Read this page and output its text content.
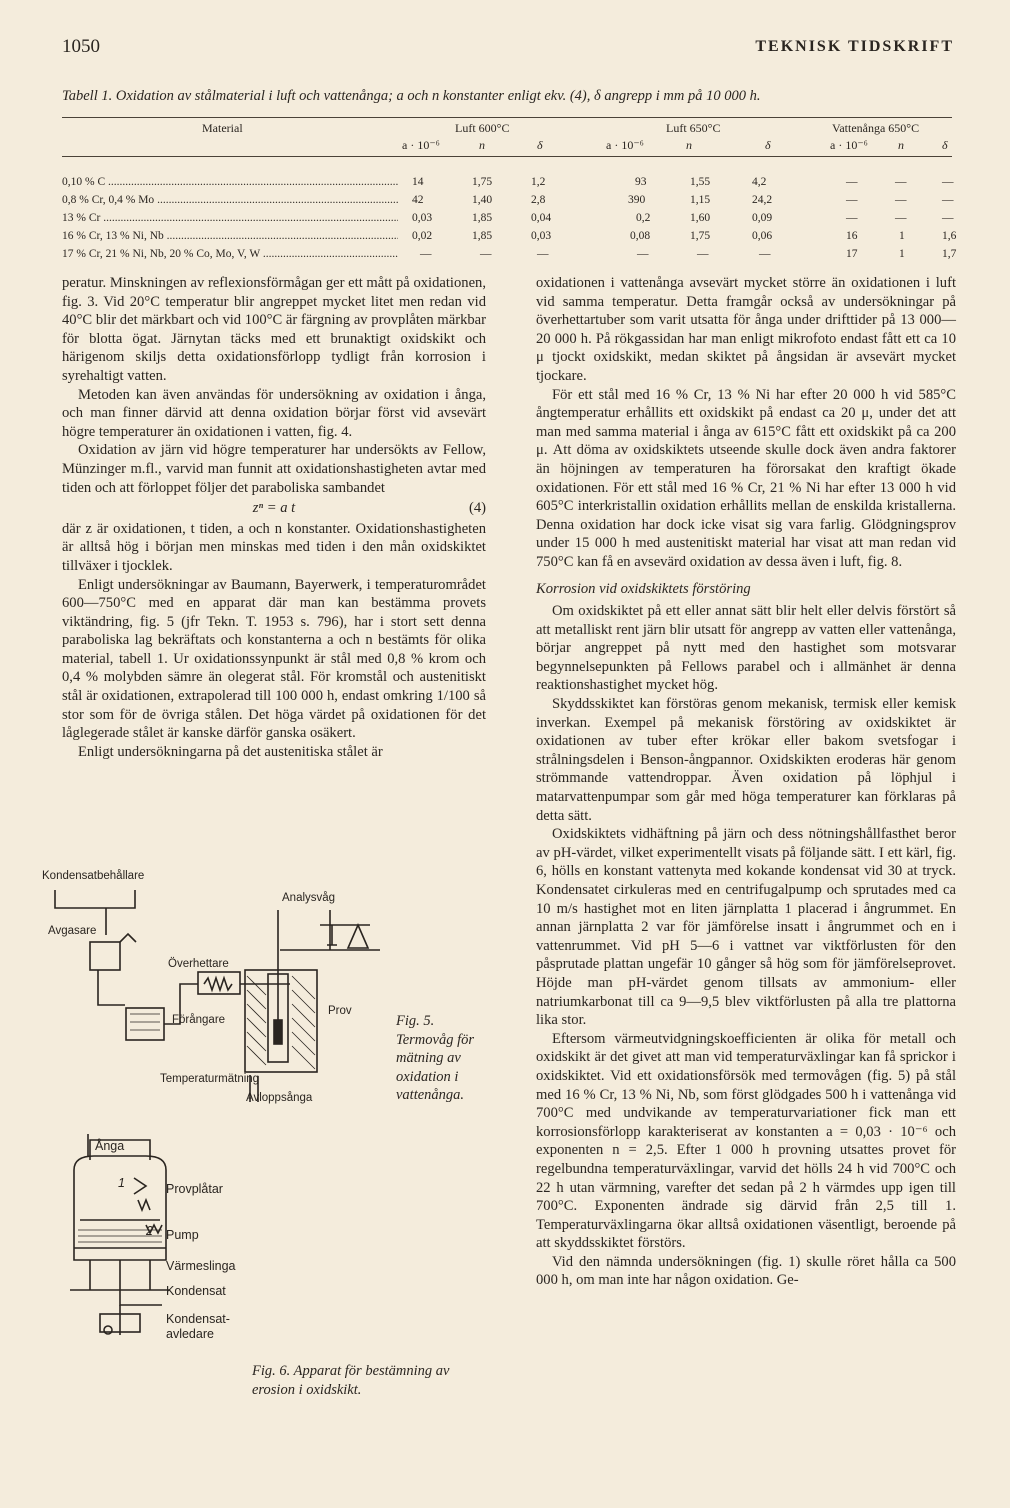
1050	TEKNISK TIDSKRIFT
Tabell 1. Oxidation av stålmaterial i luft och vattenånga; a och n konstanter enligt ekv. (4), δ angrepp i mm på 10 000 h.
Material	Luft 600°C	Luft 650°C	Vattenånga 650°C
a · 10⁻⁶	n	δ	a · 10⁻⁶	n	δ	a · 10⁻⁶	n	δ
0,10 % C .....	14	1,75	1,2	93	1,55	4,2	—	—	—
0,8 % Cr, 0,4 % Mo .....	42	1,40	2,8	390	1,15	24,2	—	—	—
13 % Cr .....	0,03	1,85	0,04	0,2	1,60	0,09	—	—	—
16 % Cr, 13 % Ni, Nb .....	0,02	1,85	0,03	0,08	1,75	0,06	16	1	1,6
17 % Cr, 21 % Ni, Nb, 20 % Co, Mo, V, W .....	—	—	—	—	—	—	17	1	1,7

peratur. Minskningen av reflexionsförmågan ger ett mått på oxidationen, fig. 3. Vid 20°C temperatur blir angreppet mycket litet men redan vid 40°C blir det märkbart och vid 100°C är färgning av provplåten märkbar för blotta ögat. Järnytan täcks med ett brunaktigt oxidskikt och härigenom skiljs detta oxidationsförlopp tydligt från korrosion i syrehaltigt vatten.

Metoden kan även användas för undersökning av oxidation i ånga, och man finner därvid att denna oxidation börjar först vid avsevärt högre temperaturer än oxidationen i vatten, fig. 4.

Oxidation av järn vid högre temperaturer har undersökts av Fellow, Münzinger m.fl., varvid man funnit att oxidationshastigheten avtar med tiden och att förloppet följer det paraboliska sambandet

zⁿ = a t	(4)

där z är oxidationen, t tiden, a och n konstanter. Oxidationshastigheten är alltså hög i början men minskas med tiden i den mån oxidskiktet tillväxer i tjocklek.

Enligt undersökningar av Baumann, Bayerwerk, i temperaturområdet 600—750°C med en apparat där man kan bestämma provets viktändring, fig. 5 (jfr Tekn. T. 1953 s. 796), har i stort sett denna paraboliska lag bekräftats och konstanterna a och n bestämts för olika material, tabell 1. Ur oxidationssynpunkt är stål med 0,8 % krom och 0,4 % molybden sämre än olegerat stål. För kromstål och austenitiskt stål är oxidationen, extrapolerad till 100 000 h, endast omkring 1/100 så stor som för de övriga stålen. Det höga värdet på oxidationen för det låglegerade stålet är kanske därför ganska osäkert.

Enligt undersökningarna på det austenitiska stålet är

oxidationen i vattenånga avsevärt mycket större än oxidationen i luft vid samma temperatur. Detta framgår också av undersökningar på överhettartuber som varit utsatta för ånga under drifttider på 13 000—20 000 h. På rökgassidan har man enligt mikrofoto endast fått ett ca 10 μ tjockt oxidskikt, medan skiktet på ångsidan är avsevärt mycket tjockare.

För ett stål med 16 % Cr, 13 % Ni har efter 20 000 h vid 585°C ångtemperatur erhållits ett oxidskikt på endast ca 20 μ, under det att man med samma material i ånga av 615°C fått ett oxidskikt på ca 200 μ. Att döma av oxidskiktets utseende skulle dock även andra faktorer än höjningen av temperaturen ha förorsakat den kraftigt ökade oxidationen. För ett stål med 16 % Cr, 21 % Ni har efter 13 000 h vid 605°C interkristallin oxidation erhållits mellan de enskilda kristallerna. Denna oxidation har dock icke visat sig vara farlig. Glödgningsprov under 15 000 h med austenitiskt material har visat att man redan vid 750°C kan få en avsevärd oxidation av dessa även i luft, fig. 8.

Korrosion vid oxidskiktets förstöring

Om oxidskiktet på ett eller annat sätt blir helt eller delvis förstört så att metalliskt rent järn blir utsatt för angrepp av vatten eller vattenånga, börjar angreppet på nytt med den hastighet som motsvarar begynnelsepunkten på Fellows parabel och i allmänhet är denna reaktionshastighet mycket hög.

Skyddsskiktet kan förstöras genom mekanisk, termisk eller kemisk inverkan. Exempel på mekanisk förstöring av oxidskiktet är oxidationen av tuber efter krökar eller bakom svetsfogar i strålningsdelen i Benson-ångpannor. Oxidskikten eroderas här genom strömmande vattendroppar. Även oxidation på löphjul i matarvattenpumpar som går med höga temperaturer kan förklaras på detta sätt.

Oxidskiktets vidhäftning på järn och dess nötningshållfasthet beror av pH-värdet, vilket experimentellt visats på följande sätt. I ett kärl, fig. 6, hölls en konstant vattenyta med kokande kondensat vid 30 at tryck. Kondensatet cirkuleras med en centrifugalpump och sprutades med ca 10 m/s hastighet mot en liten järnplatta 1 placerad i ångrummet. En annan järnplatta 2 var för jämförelse insatt i ångrummet och en i vattenrummet. Vid pH 5—6 i vattnet var viktförlusten för den påsprutade plattan ungefär 10 gånger så hög som för jämförelseprovet. Höjde man pH-värdet genom tillsats av ammonium- eller natriumkarbonat till ca 9—9,5 blev viktförlusten på alla tre plattorna lika stor.

Eftersom värmeutvidgningskoefficienten är olika för metall och oxidskikt är det givet att man vid temperaturväxlingar kan få sprickor i oxidskiktet. Vid ett oxidationsförsök med termovågen (fig. 5) på stål med 16 % Cr, 13 % Ni, Nb, som först glödgades 500 h i vattenånga vid 700°C med undvikande av temperaturvariationer fick man ett korrosionsförlopp karakteriserat av konstanten a = 0,03 · 10⁻⁶ och exponenten n = 2,5. Efter 1 000 h provning utsattes provet för regelbundna temperaturväxlingar, varvid det hölls 24 h vid 700°C och 22 h utan värmning, varefter det sedan på 2 h värmdes upp igen till 700°C. Exponenten ändrade sig därvid från 2,5 till 1. Temperaturväxlingarna ökar alltså oxidationen väsentligt, beroende på att skyddsskiktet förstörs.

Vid den nämnda undersökningen (fig. 1) skulle röret hålla ca 500 000 h, om man inte har någon oxidation. Ge-

Kondensatbehållare
Avgasare
Överhettare
Förångare
Analysvåg
Prov
Temperaturmätning
Avloppsånga
Fig. 5. Termovåg för mätning av oxidation i vattenånga.
Ånga
Provplåtar
Pump
Värmeslinga
Kondensat
Kondensat-
avledare
1
2
Fig. 6. Apparat för bestämning av erosion i oxidskikt.
